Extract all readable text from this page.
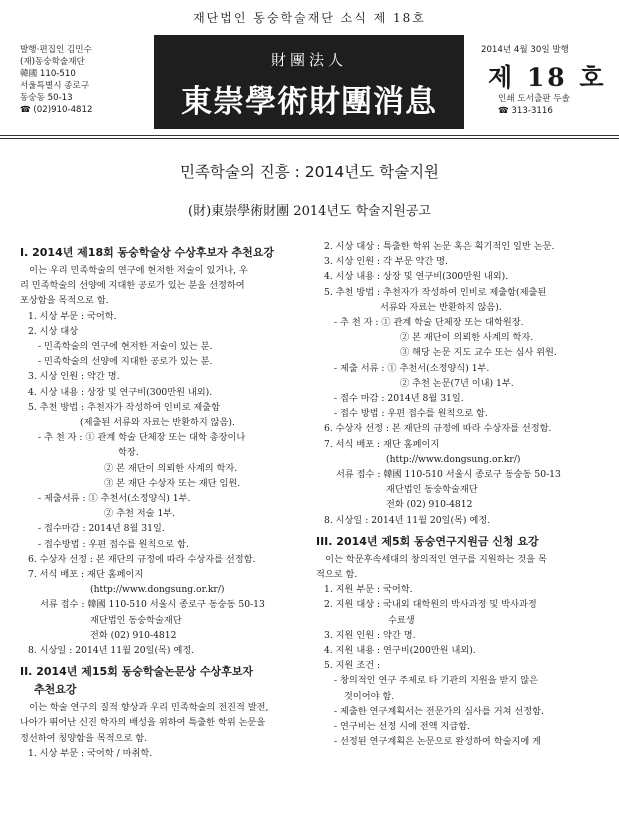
재단법인 동숭학술재단 소식 제 18호
발행·편집인 김민수
(재)동숭학술재단
韓國 110-510
서울특별시 종로구
동숭동 50-13
☎ (02)910-4812
財團法人
東崇學術財團消息
2014년 4월 30일 발행
제 18 호
인쇄 도서출판 두솔
☎ 313-3116
민족학술의 진흥 : 2014년도 학술지원
(財)東崇學術財團 2014년도 학술지원공고
I. 2014년 제18회 동숭학술상 수상후보자 추천요강
　이는 우리 민족학술의 연구에 현저한 저술이 있거나, 우
리 민족학술의 선양에 지대한 공로가 있는 분을 선정하여
포상함을 목적으로 함.
1. 시상 부문 : 국어학.
2. 시상 대상
- 민족학술의 연구에 현저한 저술이 있는 분.
- 민족학술의 선양에 지대한 공로가 있는 분.
3. 시상 인원 : 약간 명.
4. 시상 내용 : 상장 및 연구비(300만원 내외).
5. 추천 방법 : 추천자가 작성하여 인비로 제출함
(제출된 서류와 자료는 반환하지 않음).
- 추 천 자 : ① 관계 학술 단체장 또는 대학 총장이나
학장.
② 본 재단이 의뢰한 사계의 학자.
③ 본 재단 수상자 또는 재단 임원.
- 제출서류 : ① 추천서(소정양식) 1부.
② 추천 저술 1부.
- 접수마감 : 2014년 8월 31일.
- 접수방법 : 우편 접수를 원칙으로 함.
6. 수상자 선정 : 본 재단의 규정에 따라 수상자를 선정함.
7. 서식 배포 : 재단 홈페이지
(http://www.dongsung.or.kr/)
서류 접수 : 韓國 110-510 서울시 종로구 동숭동 50-13
재단법인 동숭학술재단
전화 (02) 910-4812
8. 시상일 : 2014년 11월 20일(목) 예정.
II. 2014년 제15회 동숭학술논문상 수상후보자
추천요강
　이는 학술 연구의 질적 향상과 우리 민족학술의 전진적 발전,
나아가 뛰어난 신진 학자의 배성을 위하여 특출한 학위 논문을
정선하여 칭양함을 목적으로 함.
1. 시상 부문 : 국어학 / 마취학.
2. 시상 대상 : 특출한 학위 논문 혹은 획기적인 일반 논문.
3. 시상 인원 : 각 부문 약간 명.
4. 시상 내용 : 상장 및 연구비(300만원 내외).
5. 추천 방법 : 추천자가 작성하여 인비로 제출함(제출된
서류와 자료는 반환하지 않음).
- 추 천 자 : ① 관계 학술 단체장 또는 대학원장.
② 본 재단이 의뢰한 사계의 학자.
③ 해당 논문 지도 교수 또는 심사 위원.
- 제출 서류 : ① 추천서(소정양식) 1부.
② 추천 논문(7년 이내) 1부.
- 접수 마감 : 2014년 8월 31일.
- 접수 방법 : 우편 접수를 원칙으로 함.
6. 수상자 선정 : 본 재단의 규정에 따라 수상자를 선정함.
7. 서식 배포 : 재단 홈페이지
(http://www.dongsung.or.kr/)
서류 접수 : 韓國 110-510 서울시 종로구 동숭동 50-13
재단법인 동숭학술재단
전화 (02) 910-4812
8. 시상일 : 2014년 11월 20일(목) 예정.
III. 2014년 제5회 동숭연구지원금 신청 요강
　이는 학문후속세대의 창의적인 연구를 지원하는 것을 목
적으로 함.
1. 지원 부문 : 국어학.
2. 지원 대상 : 국내외 대학원의 박사과정 및 박사과정
수료생
3. 지원 인원 : 약간 명.
4. 지원 내용 : 연구비(200만원 내외).
5. 지원 조건 :
- 창의적인 연구 주제로 타 기관의 지원을 받지 않은
것이어야 함.
- 제출한 연구계획서는 전문가의 심사를 거쳐 선정함.
- 연구비는 선정 시에 전액 지급함.
- 선정된 연구계획은 논문으로 완성하여 학술지에 게
